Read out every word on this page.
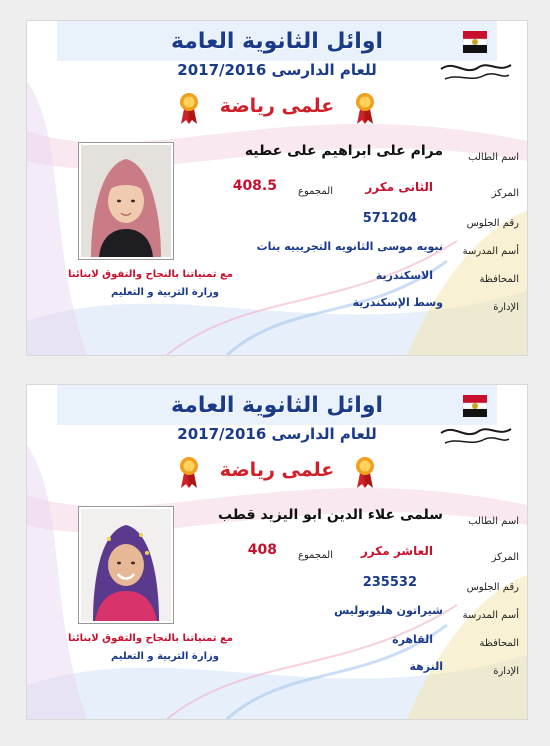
اوائل الثانوية العامة
2017/2016 للعام الدارسى
علمى رياضة
مع تمنياتنا بالنجاح والتفوق لابنائنا
وزارة التربية و التعليم
اسم الطالب
مرام على ابراهيم على عطيه
المركز
الثانى مكرر
المجموع
408.5
رقم الجلوس
571204
أسم المدرسة
نبويه موسى الثانويه التجريبيه بنات
المحافظة
الاسكندرية
الإدارة
وسط الإسكندرية
اوائل الثانوية العامة
2017/2016 للعام الدارسى
علمى رياضة
مع تمنياتنا بالنجاح والتفوق لابنائنا
وزارة التربية و التعليم
اسم الطالب
سلمى علاء الدين ابو اليزيد قطب
المركز
العاشر مكرر
المجموع
408
رقم الجلوس
235532
أسم المدرسة
شيراتون هليوبوليس
المحافظة
القاهرة
الإدارة
النزهة
